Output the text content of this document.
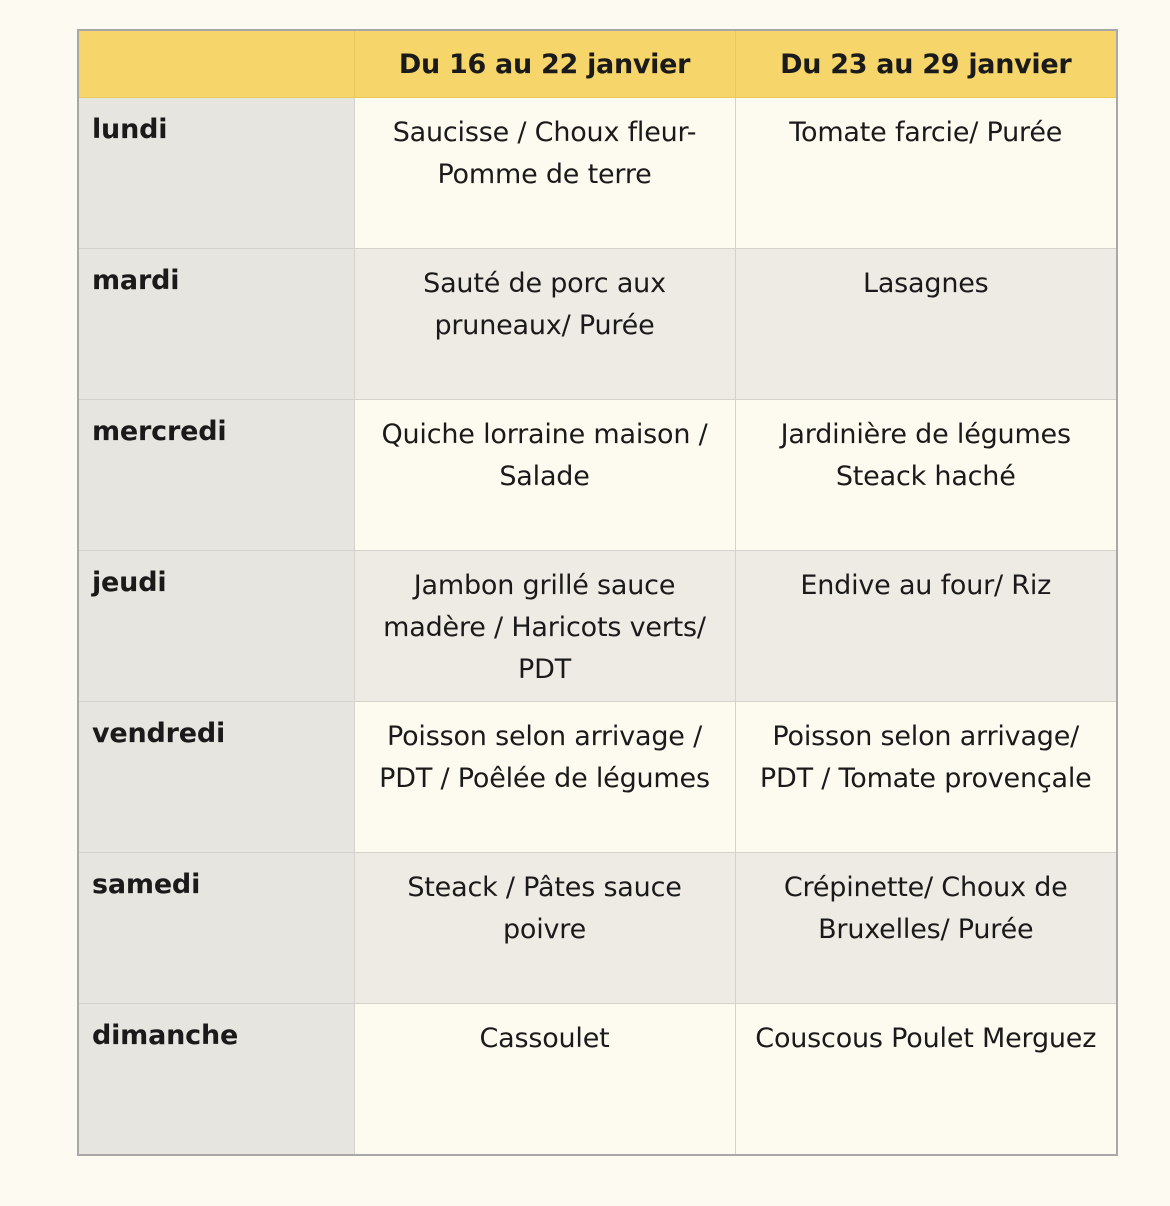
	Du 16 au 22 janvier	Du 23 au 29 janvier
lundi	Saucisse / Choux fleur- Pomme de terre	Tomate farcie/ Purée
mardi	Sauté de porc aux pruneaux/ Purée	Lasagnes
mercredi	Quiche lorraine maison / Salade	Jardinière de légumes Steack haché
jeudi	Jambon grillé sauce madère / Haricots verts/ PDT	Endive au four/ Riz
vendredi	Poisson selon arrivage / PDT / Poêlée de légumes	Poisson selon arrivage/ PDT / Tomate provençale
samedi	Steack / Pâtes sauce poivre	Crépinette/ Choux de Bruxelles/ Purée
dimanche	Cassoulet	Couscous Poulet Merguez
